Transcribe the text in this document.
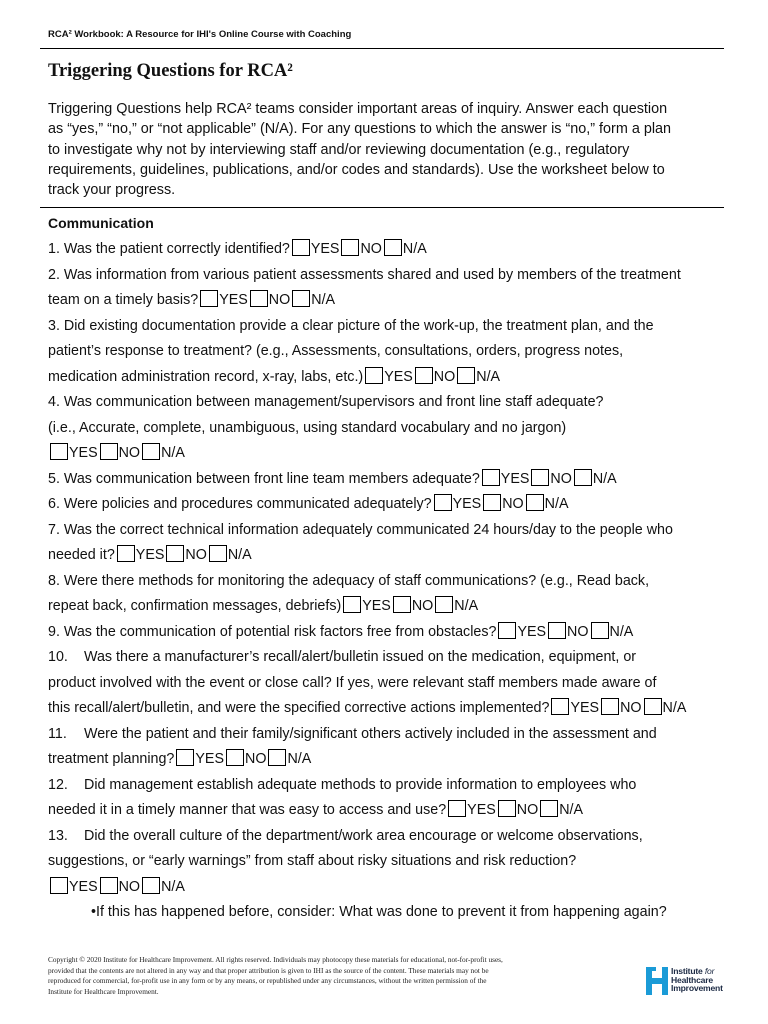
RCA² Workbook: A Resource for IHI's Online Course with Coaching
Triggering Questions for RCA²
Triggering Questions help RCA² teams consider important areas of inquiry. Answer each question
as “yes,” “no,” or “not applicable” (N/A). For any questions to which the answer is “no,” form a plan
to investigate why not by interviewing staff and/or reviewing documentation (e.g., regulatory
requirements, guidelines, publications, and/or codes and standards). Use the worksheet below to
track your progress.
Communication
1. Was the patient correctly identified? YES NO N/A
2. Was information from various patient assessments shared and used by members of the treatment
team on a timely basis? YES NO N/A
3. Did existing documentation provide a clear picture of the work-up, the treatment plan, and the
patient’s response to treatment? (e.g., Assessments, consultations, orders, progress notes,
medication administration record, x-ray, labs, etc.) YES NO N/A
4. Was communication between management/supervisors and front line staff adequate?
(i.e., Accurate, complete, unambiguous, using standard vocabulary and no jargon)
YES NO N/A
5. Was communication between front line team members adequate? YES NO N/A
6. Were policies and procedures communicated adequately? YES NO N/A
7. Was the correct technical information adequately communicated 24 hours/day to the people who
needed it? YES NO N/A
8. Were there methods for monitoring the adequacy of staff communications? (e.g., Read back,
repeat back, confirmation messages, debriefs) YES NO N/A
9. Was the communication of potential risk factors free from obstacles? YES NO N/A
10. Was there a manufacturer’s recall/alert/bulletin issued on the medication, equipment, or
product involved with the event or close call? If yes, were relevant staff members made aware of
this recall/alert/bulletin, and were the specified corrective actions implemented? YES NO N/A
11. Were the patient and their family/significant others actively included in the assessment and
treatment planning? YES NO N/A
12. Did management establish adequate methods to provide information to employees who
needed it in a timely manner that was easy to access and use? YES NO N/A
13. Did the overall culture of the department/work area encourage or welcome observations,
suggestions, or “early warnings” from staff about risky situations and risk reduction?
YES NO N/A
•If this has happened before, consider: What was done to prevent it from happening again?
Copyright © 2020 Institute for Healthcare Improvement. All rights reserved. Individuals may photocopy these materials for educational, not-for-profit uses,
provided that the contents are not altered in any way and that proper attribution is given to IHI as the source of the content. These materials may not be
reproduced for commercial, for-profit use in any form or by any means, or republished under any circumstances, without the written permission of the
Institute for Healthcare Improvement.
Institute for
Healthcare
Improvement
